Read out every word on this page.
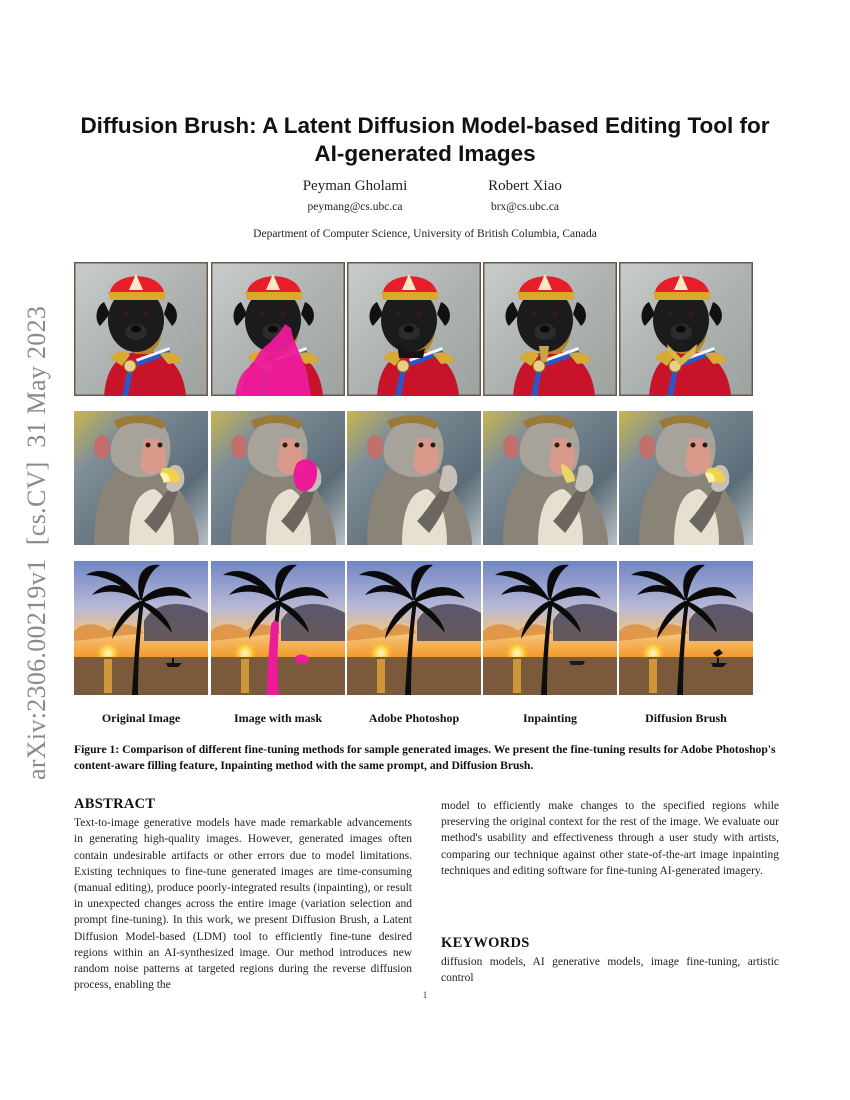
arXiv:2306.00219v1  [cs.CV]  31 May 2023
Diffusion Brush: A Latent Diffusion Model-based Editing Tool for
AI-generated Images
Peyman Gholami
peymang@cs.ubc.ca
Robert Xiao
brx@cs.ubc.ca
Department of Computer Science, University of British Columbia, Canada
Original Image	Image with mask	Adobe Photoshop	Inpainting	Diffusion Brush
Figure 1: Comparison of different fine-tuning methods for sample generated images. We present the fine-tuning results for Adobe Photoshop's content-aware filling feature, Inpainting method with the same prompt, and Diffusion Brush.
ABSTRACT

Text-to-image generative models have made remarkable advancements in generating high-quality images. However, generated images often contain undesirable artifacts or other errors due to model limitations. Existing techniques to fine-tune generated images are time-consuming (manual editing), produce poorly-integrated results (inpainting), or result in unexpected changes across the entire image (variation selection and prompt fine-tuning). In this work, we present Diffusion Brush, a Latent Diffusion Model-based (LDM) tool to efficiently fine-tune desired regions within an AI-synthesized image. Our method introduces new random noise patterns at targeted regions during the reverse diffusion process, enabling the

model to efficiently make changes to the specified regions while preserving the original context for the rest of the image. We evaluate our method's usability and effectiveness through a user study with artists, comparing our technique against other state-of-the-art image inpainting techniques and editing software for fine-tuning AI-generated imagery.

KEYWORDS

diffusion models, AI generative models, image fine-tuning, artistic control

1
